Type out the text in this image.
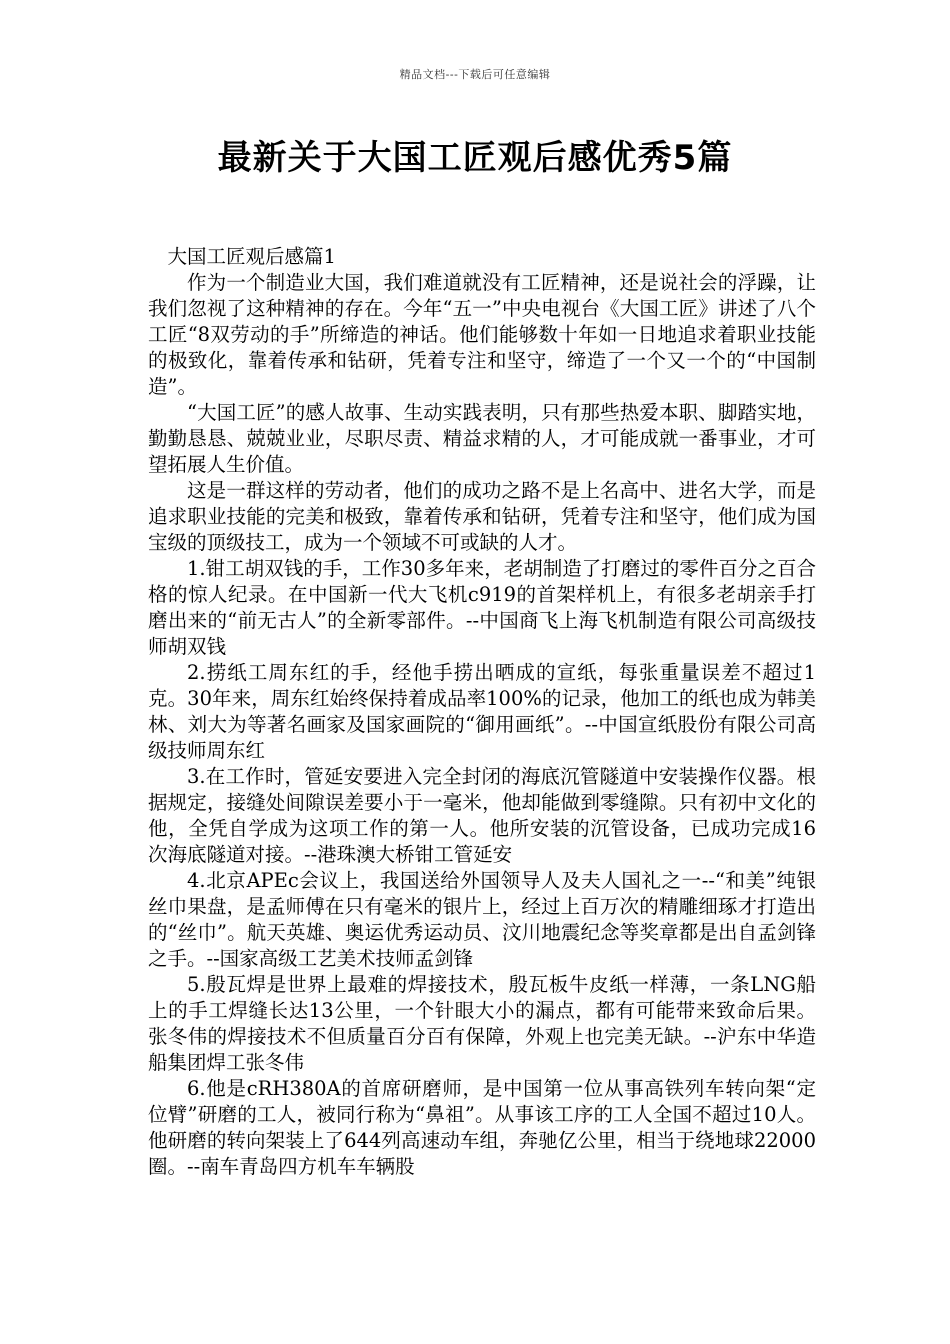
精品文档---下载后可任意编辑
最新关于大国工匠观后感优秀5篇

大国工匠观后感篇1

作为一个制造业大国，我们难道就没有工匠精神，还是说社会的浮躁，让我们忽视了这种精神的存在。今年“五一”中央电视台《大国工匠》讲述了八个工匠“8双劳动的手”所缔造的神话。他们能够数十年如一日地追求着职业技能的极致化，靠着传承和钻研，凭着专注和坚守，缔造了一个又一个的“中国制造”。

“大国工匠”的感人故事、生动实践表明，只有那些热爱本职、脚踏实地，勤勤恳恳、兢兢业业，尽职尽责、精益求精的人，才可能成就一番事业，才可望拓展人生价值。

这是一群这样的劳动者，他们的成功之路不是上名高中、进名大学，而是追求职业技能的完美和极致，靠着传承和钻研，凭着专注和坚守，他们成为国宝级的顶级技工，成为一个领域不可或缺的人才。

1.钳工胡双钱的手，工作30多年来，老胡制造了打磨过的零件百分之百合格的惊人纪录。在中国新一代大飞机c919的首架样机上，有很多老胡亲手打磨出来的“前无古人”的全新零部件。--中国商飞上海飞机制造有限公司高级技师胡双钱

2.捞纸工周东红的手，经他手捞出晒成的宣纸，每张重量误差不超过1克。30年来，周东红始终保持着成品率100%的记录，他加工的纸也成为韩美林、刘大为等著名画家及国家画院的“御用画纸”。--中国宣纸股份有限公司高级技师周东红

3.在工作时，管延安要进入完全封闭的海底沉管隧道中安装操作仪器。根据规定，接缝处间隙误差要小于一毫米，他却能做到零缝隙。只有初中文化的他，全凭自学成为这项工作的第一人。他所安装的沉管设备，已成功完成16次海底隧道对接。--港珠澳大桥钳工管延安

4.北京APEc会议上，我国送给外国领导人及夫人国礼之一--“和美”纯银丝巾果盘，是孟师傅在只有毫米的银片上，经过上百万次的精雕细琢才打造出的“丝巾”。航天英雄、奥运优秀运动员、汶川地震纪念等奖章都是出自孟剑锋之手。--国家高级工艺美术技师孟剑锋

5.殷瓦焊是世界上最难的焊接技术，殷瓦板牛皮纸一样薄，一条LNG船上的手工焊缝长达13公里，一个针眼大小的漏点，都有可能带来致命后果。张冬伟的焊接技术不但质量百分百有保障，外观上也完美无缺。--沪东中华造船集团焊工张冬伟

6.他是cRH380A的首席研磨师，是中国第一位从事高铁列车转向架“定位臂”研磨的工人，被同行称为“鼻祖”。从事该工序的工人全国不超过10人。他研磨的转向架装上了644列高速动车组，奔驰亿公里，相当于绕地球22000圈。--南车青岛四方机车车辆股
